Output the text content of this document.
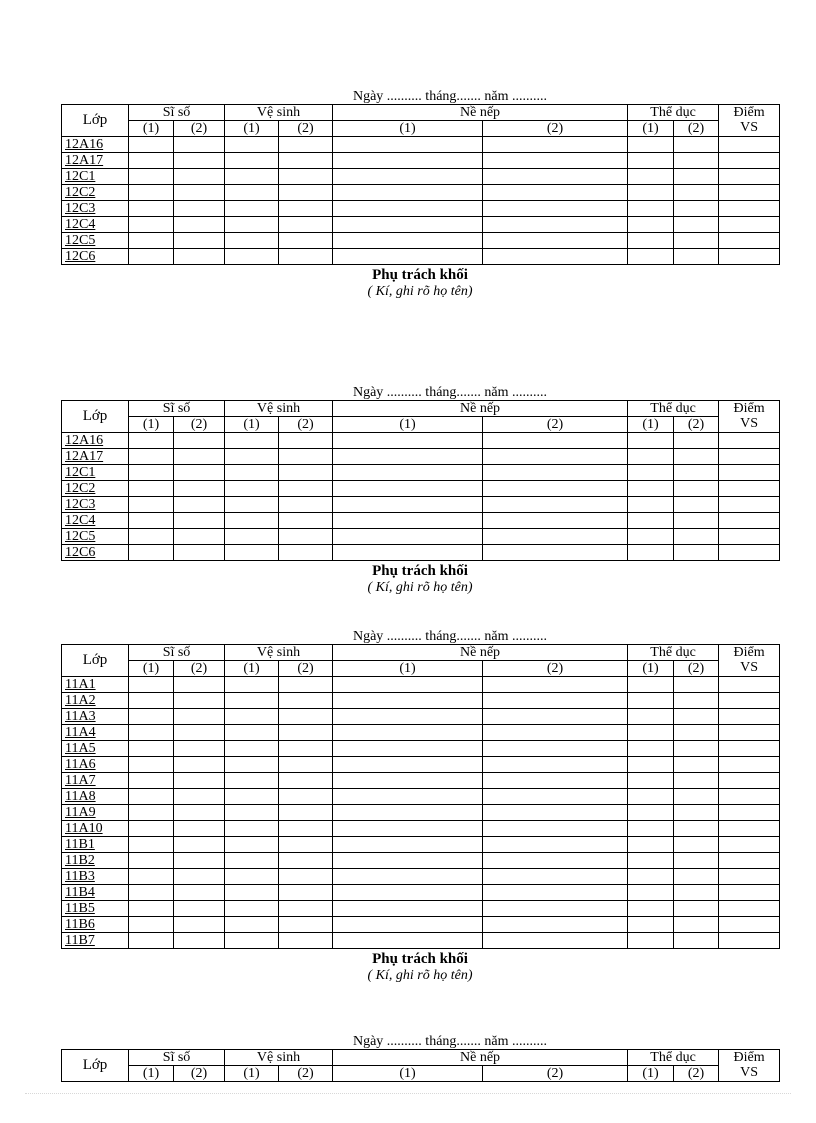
Ngày .......... tháng....... năm ..........
Lớp	Sĩ số		Vệ sinh		Nề nếp		Thể dục		Điểm
VS
	(1)	(2)	(1)	(2)	(1)	(2)	(1)	(2)	
12A16									
12A17									
12C1									
12C2									
12C3									
12C4									
12C5									
12C6									
Phụ trách khối
( Kí, ghi rõ họ tên)
Ngày .......... tháng....... năm ..........
Lớp	Sĩ số		Vệ sinh		Nề nếp		Thể dục		Điểm
VS
	(1)	(2)	(1)	(2)	(1)	(2)	(1)	(2)	
12A16									
12A17									
12C1									
12C2									
12C3									
12C4									
12C5									
12C6									
Phụ trách khối
( Kí, ghi rõ họ tên)
Ngày .......... tháng....... năm ..........
Lớp	Sĩ số		Vệ sinh		Nề nếp		Thể dục		Điểm
VS
	(1)	(2)	(1)	(2)	(1)	(2)	(1)	(2)	
11A1									
11A2									
11A3									
11A4									
11A5									
11A6									
11A7									
11A8									
11A9									
11A10									
11B1									
11B2									
11B3									
11B4									
11B5									
11B6									
11B7									
Phụ trách khối
( Kí, ghi rõ họ tên)
Ngày .......... tháng....... năm ..........
Lớp	Sĩ số		Vệ sinh		Nề nếp		Thể dục		Điểm
VS
	(1)	(2)	(1)	(2)	(1)	(2)	(1)	(2)	
